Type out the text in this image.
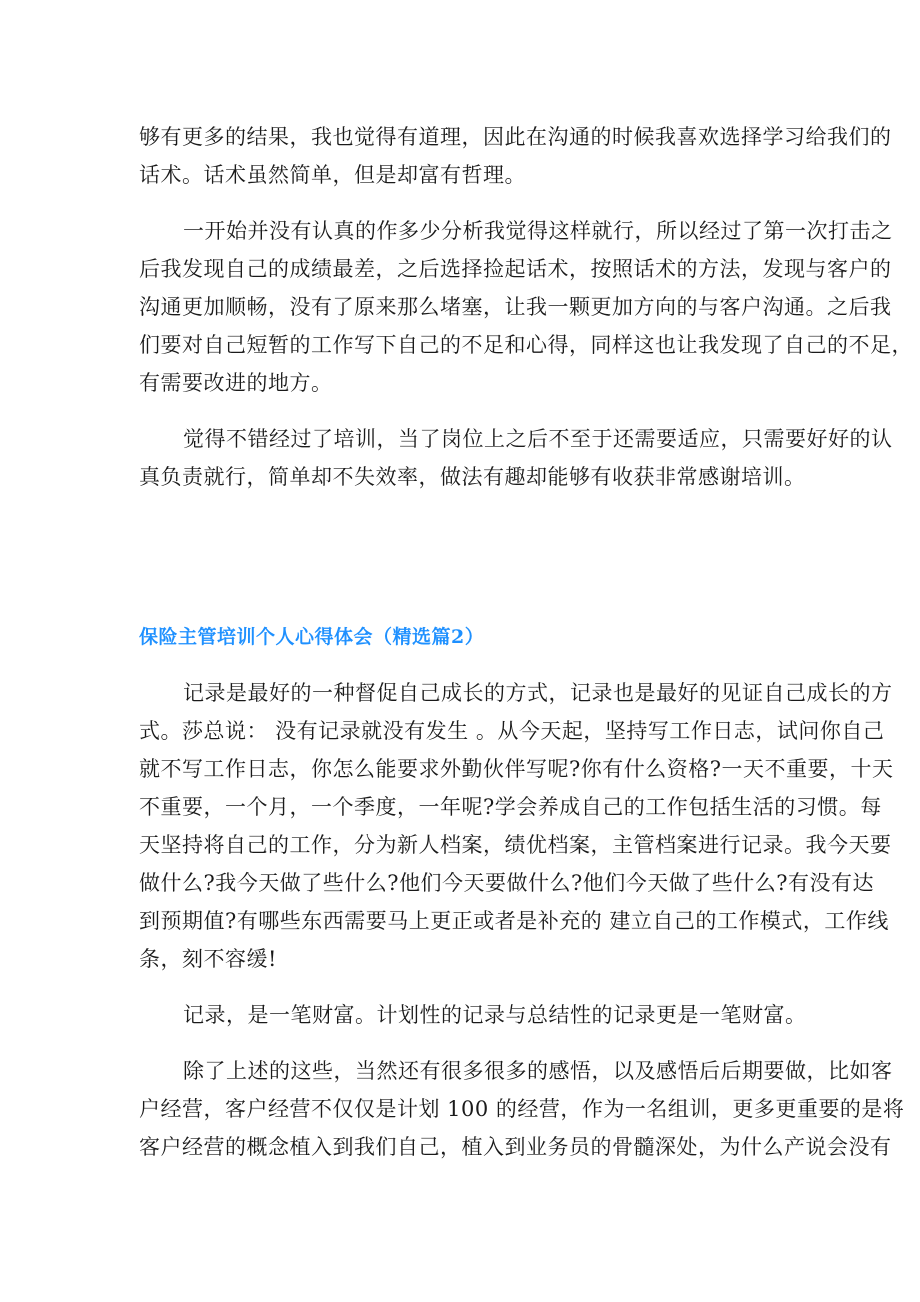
够有更多的结果，我也觉得有道理，因此在沟通的时候我喜欢选择学习给我们的
话术。话术虽然简单，但是却富有哲理。
一开始并没有认真的作多少分析我觉得这样就行，所以经过了第一次打击之
后我发现自己的成绩最差，之后选择捡起话术，按照话术的方法，发现与客户的
沟通更加顺畅，没有了原来那么堵塞，让我一颗更加方向的与客户沟通。之后我
们要对自己短暂的工作写下自己的不足和心得，同样这也让我发现了自己的不足，
有需要改进的地方。
觉得不错经过了培训，当了岗位上之后不至于还需要适应，只需要好好的认
真负责就行，简单却不失效率，做法有趣却能够有收获非常感谢培训。
保险主管培训个人心得体会（精选篇2）
记录是最好的一种督促自己成长的方式，记录也是最好的见证自己成长的方
式。莎总说： 没有记录就没有发生 。从今天起，坚持写工作日志，试问你自己
就不写工作日志，你怎么能要求外勤伙伴写呢?你有什么资格?一天不重要，十天
不重要，一个月，一个季度，一年呢?学会养成自己的工作包括生活的习惯。每
天坚持将自己的工作，分为新人档案，绩优档案，主管档案进行记录。我今天要
做什么?我今天做了些什么?他们今天要做什么?他们今天做了些什么?有没有达
到预期值?有哪些东西需要马上更正或者是补充的 建立自己的工作模式，工作线
条，刻不容缓!
记录，是一笔财富。计划性的记录与总结性的记录更是一笔财富。
除了上述的这些，当然还有很多很多的感悟，以及感悟后后期要做，比如客
户经营，客户经营不仅仅是计划 100 的经营，作为一名组训，更多更重要的是将
客户经营的概念植入到我们自己，植入到业务员的骨髓深处，为什么产说会没有
